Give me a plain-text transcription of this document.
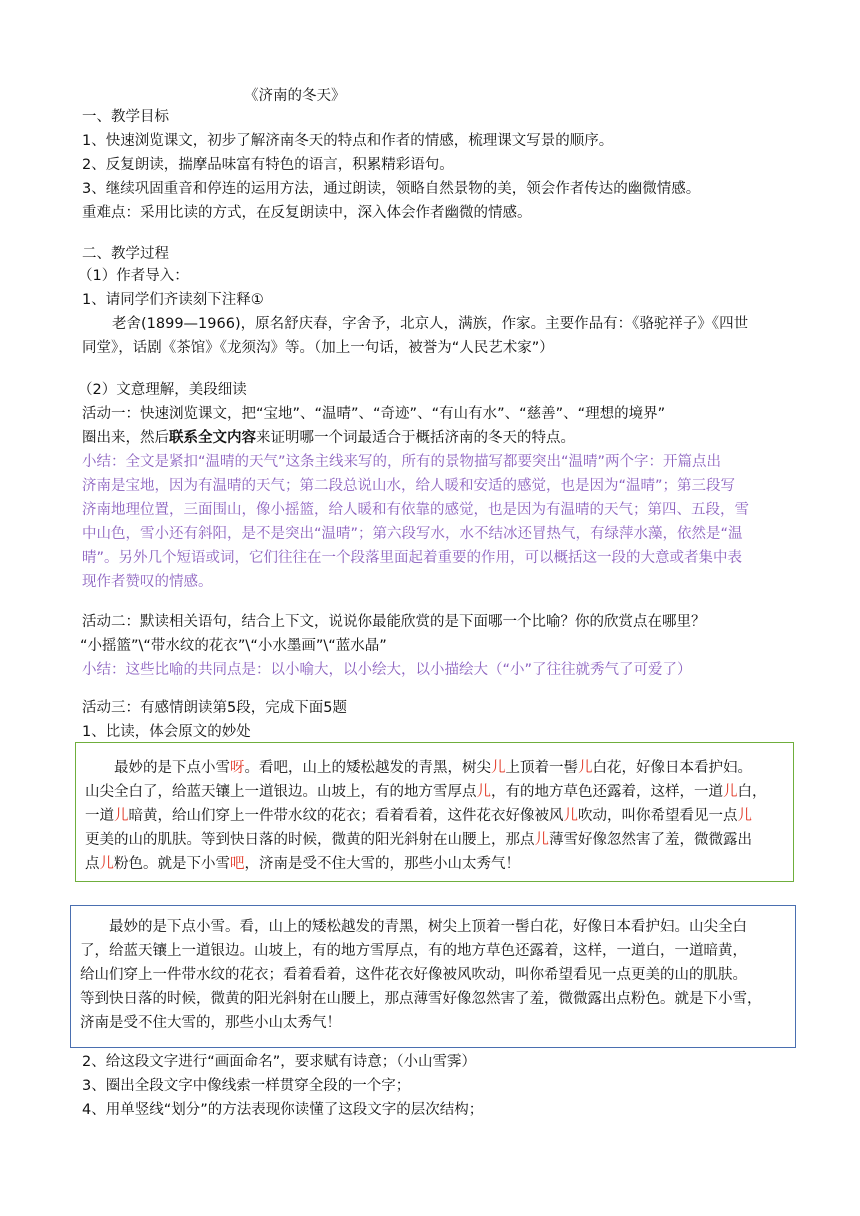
《济南的冬天》
一、教学目标
1、快速浏览课文，初步了解济南冬天的特点和作者的情感，梳理课文写景的顺序。
2、反复朗读，揣摩品味富有特色的语言，积累精彩语句。
3、继续巩固重音和停连的运用方法，通过朗读，领略自然景物的美，领会作者传达的幽微情感。
重难点：采用比读的方式，在反复朗读中，深入体会作者幽微的情感。
二、教学过程
（1）作者导入：
1、请同学们齐读刻下注释①
老舍(1899—1966)，原名舒庆春，字舍予，北京人，满族，作家。主要作品有：《骆驼祥子》《四世
同堂》，话剧《茶馆》《龙须沟》等。（加上一句话，被誉为“人民艺术家”）
（2）文意理解，美段细读
活动一：快速浏览课文，把“宝地”、“温晴”、“奇迹”、“有山有水”、“慈善”、“理想的境界”
圈出来，然后联系全文内容来证明哪一个词最适合于概括济南的冬天的特点。
小结：全文是紧扣“温晴的天气”这条主线来写的，所有的景物描写都要突出“温晴”两个字：开篇点出
济南是宝地，因为有温晴的天气；第二段总说山水，给人暖和安适的感觉，也是因为“温晴”；第三段写
济南地理位置，三面围山，像小摇篮，给人暖和有依靠的感觉，也是因为有温晴的天气；第四、五段，雪
中山色，雪小还有斜阳，是不是突出“温晴”；第六段写水，水不结冰还冒热气，有绿萍水藻，依然是“温
晴”。另外几个短语或词，它们往往在一个段落里面起着重要的作用，可以概括这一段的大意或者集中表
现作者赞叹的情感。
活动二：默读相关语句，结合上下文，说说你最能欣赏的是下面哪一个比喻？你的欣赏点在哪里？
“小摇篮”\“带水纹的花衣”\“小水墨画”\“蓝水晶”
小结：这些比喻的共同点是：以小喻大，以小绘大，以小描绘大（“小”了往往就秀气了可爱了）
活动三：有感情朗读第5段，完成下面5题
1、比读，体会原文的妙处
最妙的是下点小雪呀。看吧，山上的矮松越发的青黑，树尖儿上顶着一髻儿白花，好像日本看护妇。
山尖全白了，给蓝天镶上一道银边。山坡上，有的地方雪厚点儿，有的地方草色还露着，这样，一道儿白，
一道儿暗黄，给山们穿上一件带水纹的花衣；看着看着，这件花衣好像被风儿吹动，叫你希望看见一点儿
更美的山的肌肤。等到快日落的时候，微黄的阳光斜射在山腰上，那点儿薄雪好像忽然害了羞，微微露出
点儿粉色。就是下小雪吧，济南是受不住大雪的，那些小山太秀气！
最妙的是下点小雪。看，山上的矮松越发的青黑，树尖上顶着一髻白花，好像日本看护妇。山尖全白
了，给蓝天镶上一道银边。山坡上，有的地方雪厚点，有的地方草色还露着，这样，一道白，一道暗黄，
给山们穿上一件带水纹的花衣；看着看着，这件花衣好像被风吹动，叫你希望看见一点更美的山的肌肤。
等到快日落的时候，微黄的阳光斜射在山腰上，那点薄雪好像忽然害了羞，微微露出点粉色。就是下小雪，
济南是受不住大雪的，那些小山太秀气！
2、给这段文字进行“画面命名”，要求赋有诗意；（小山雪霁）
3、圈出全段文字中像线索一样贯穿全段的一个字；
4、用单竖线“划分”的方法表现你读懂了这段文字的层次结构；
